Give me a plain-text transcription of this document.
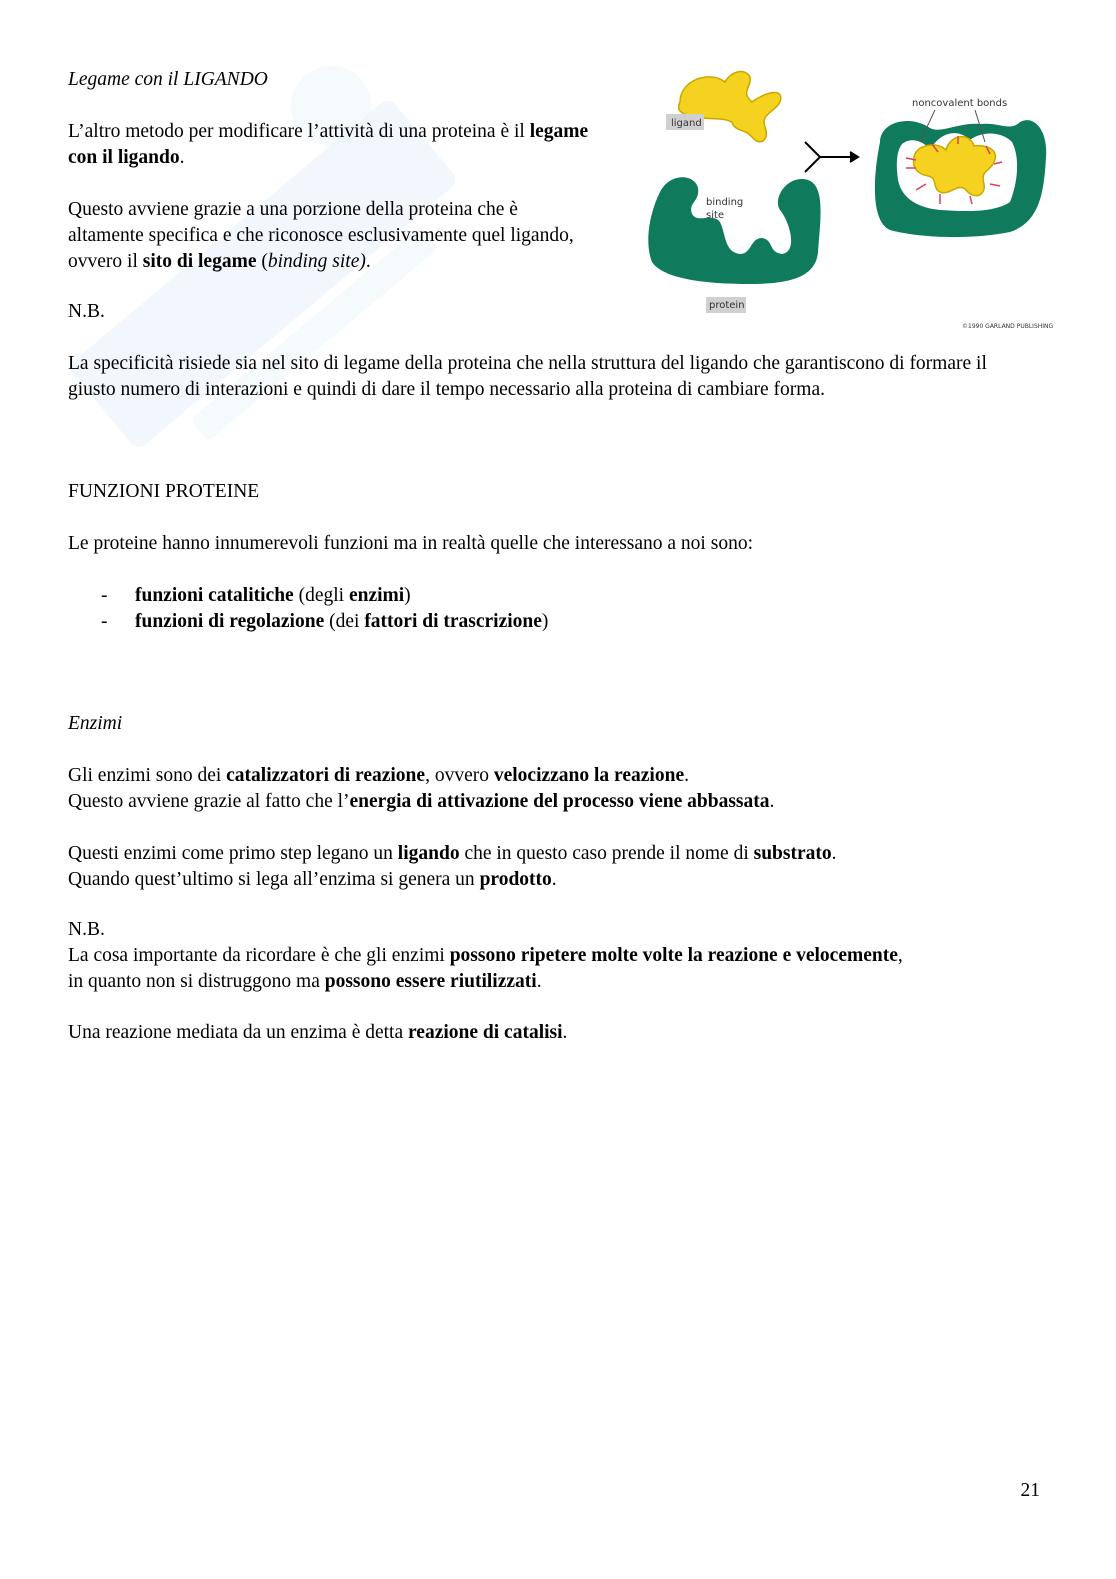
Legame con il LIGANDO

L’altro metodo per modificare l’attività di una proteina è il legame con il ligando.

Questo avviene grazie a una porzione della proteina che è altamente specifica e che riconosce esclusivamente quel ligando, ovvero il sito di legame (binding site).

N.B.

La specificità risiede sia nel sito di legame della proteina che nella struttura del ligando che garantiscono di formare il giusto numero di interazioni e quindi di dare il tempo necessario alla proteina di cambiare forma.

ligand
binding
site
protein
noncovalent bonds
©1990 GARLAND PUBLISHING

FUNZIONI PROTEINE

Le proteine hanno innumerevoli funzioni ma in realtà quelle che interessano a noi sono:

- funzioni catalitiche (degli enzimi)
- funzioni di regolazione (dei fattori di trascrizione)

Enzimi

Gli enzimi sono dei catalizzatori di reazione, ovvero velocizzano la reazione.
Questo avviene grazie al fatto che l’energia di attivazione del processo viene abbassata.

Questi enzimi come primo step legano un ligando che in questo caso prende il nome di substrato.
Quando quest’ultimo si lega all’enzima si genera un prodotto.

N.B.
La cosa importante da ricordare è che gli enzimi possono ripetere molte volte la reazione e velocemente,
in quanto non si distruggono ma possono essere riutilizzati.

Una reazione mediata da un enzima è detta reazione di catalisi.

21
